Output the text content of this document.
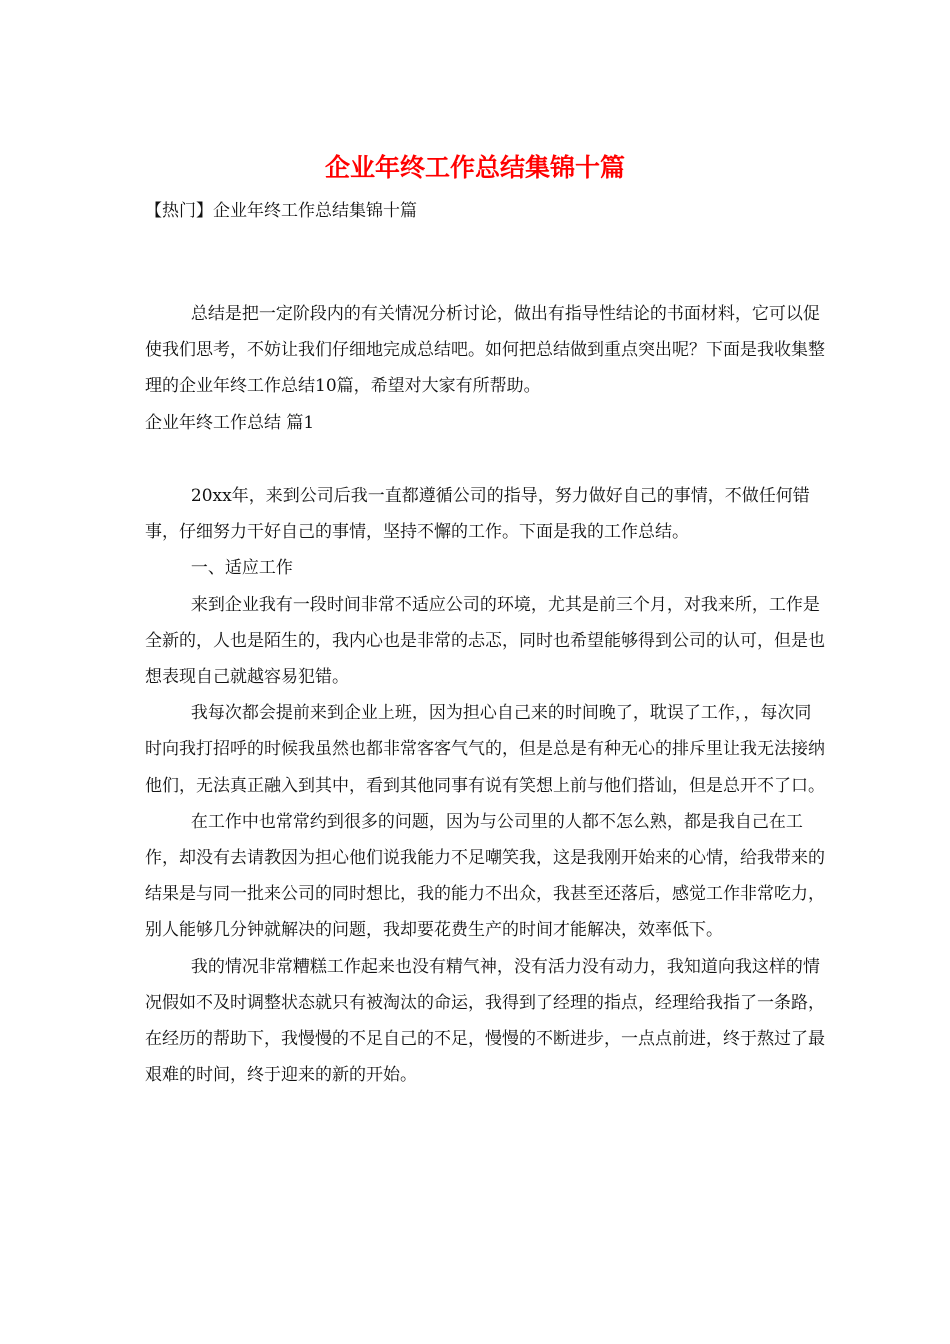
企业年终工作总结集锦十篇
【热门】企业年终工作总结集锦十篇

总结是把一定阶段内的有关情况分析讨论，做出有指导性结论的书面材料，它可以促使我们思考，不妨让我们仔细地完成总结吧。如何把总结做到重点突出呢？下面是我收集整理的企业年终工作总结10篇，希望对大家有所帮助。

企业年终工作总结 篇1

20xx年，来到公司后我一直都遵循公司的指导，努力做好自己的事情，不做任何错事，仔细努力干好自己的事情，坚持不懈的工作。下面是我的工作总结。

一、适应工作

来到企业我有一段时间非常不适应公司的环境，尤其是前三个月，对我来所，工作是全新的，人也是陌生的，我内心也是非常的忐忑，同时也希望能够得到公司的认可，但是也想表现自己就越容易犯错。

我每次都会提前来到企业上班，因为担心自己来的时间晚了，耽误了工作，，每次同时向我打招呼的时候我虽然也都非常客客气气的，但是总是有种无心的排斥里让我无法接纳他们，无法真正融入到其中，看到其他同事有说有笑想上前与他们搭讪，但是总开不了口。

在工作中也常常约到很多的问题，因为与公司里的人都不怎么熟，都是我自己在工作，却没有去请教因为担心他们说我能力不足嘲笑我，这是我刚开始来的心情，给我带来的结果是与同一批来公司的同时想比，我的能力不出众，我甚至还落后，感觉工作非常吃力，别人能够几分钟就解决的问题，我却要花费生产的时间才能解决，效率低下。

我的情况非常糟糕工作起来也没有精气神，没有活力没有动力，我知道向我这样的情况假如不及时调整状态就只有被淘汰的命运，我得到了经理的指点，经理给我指了一条路，在经历的帮助下，我慢慢的不足自己的不足，慢慢的不断进步，一点点前进，终于熬过了最艰难的时间，终于迎来的新的开始。
